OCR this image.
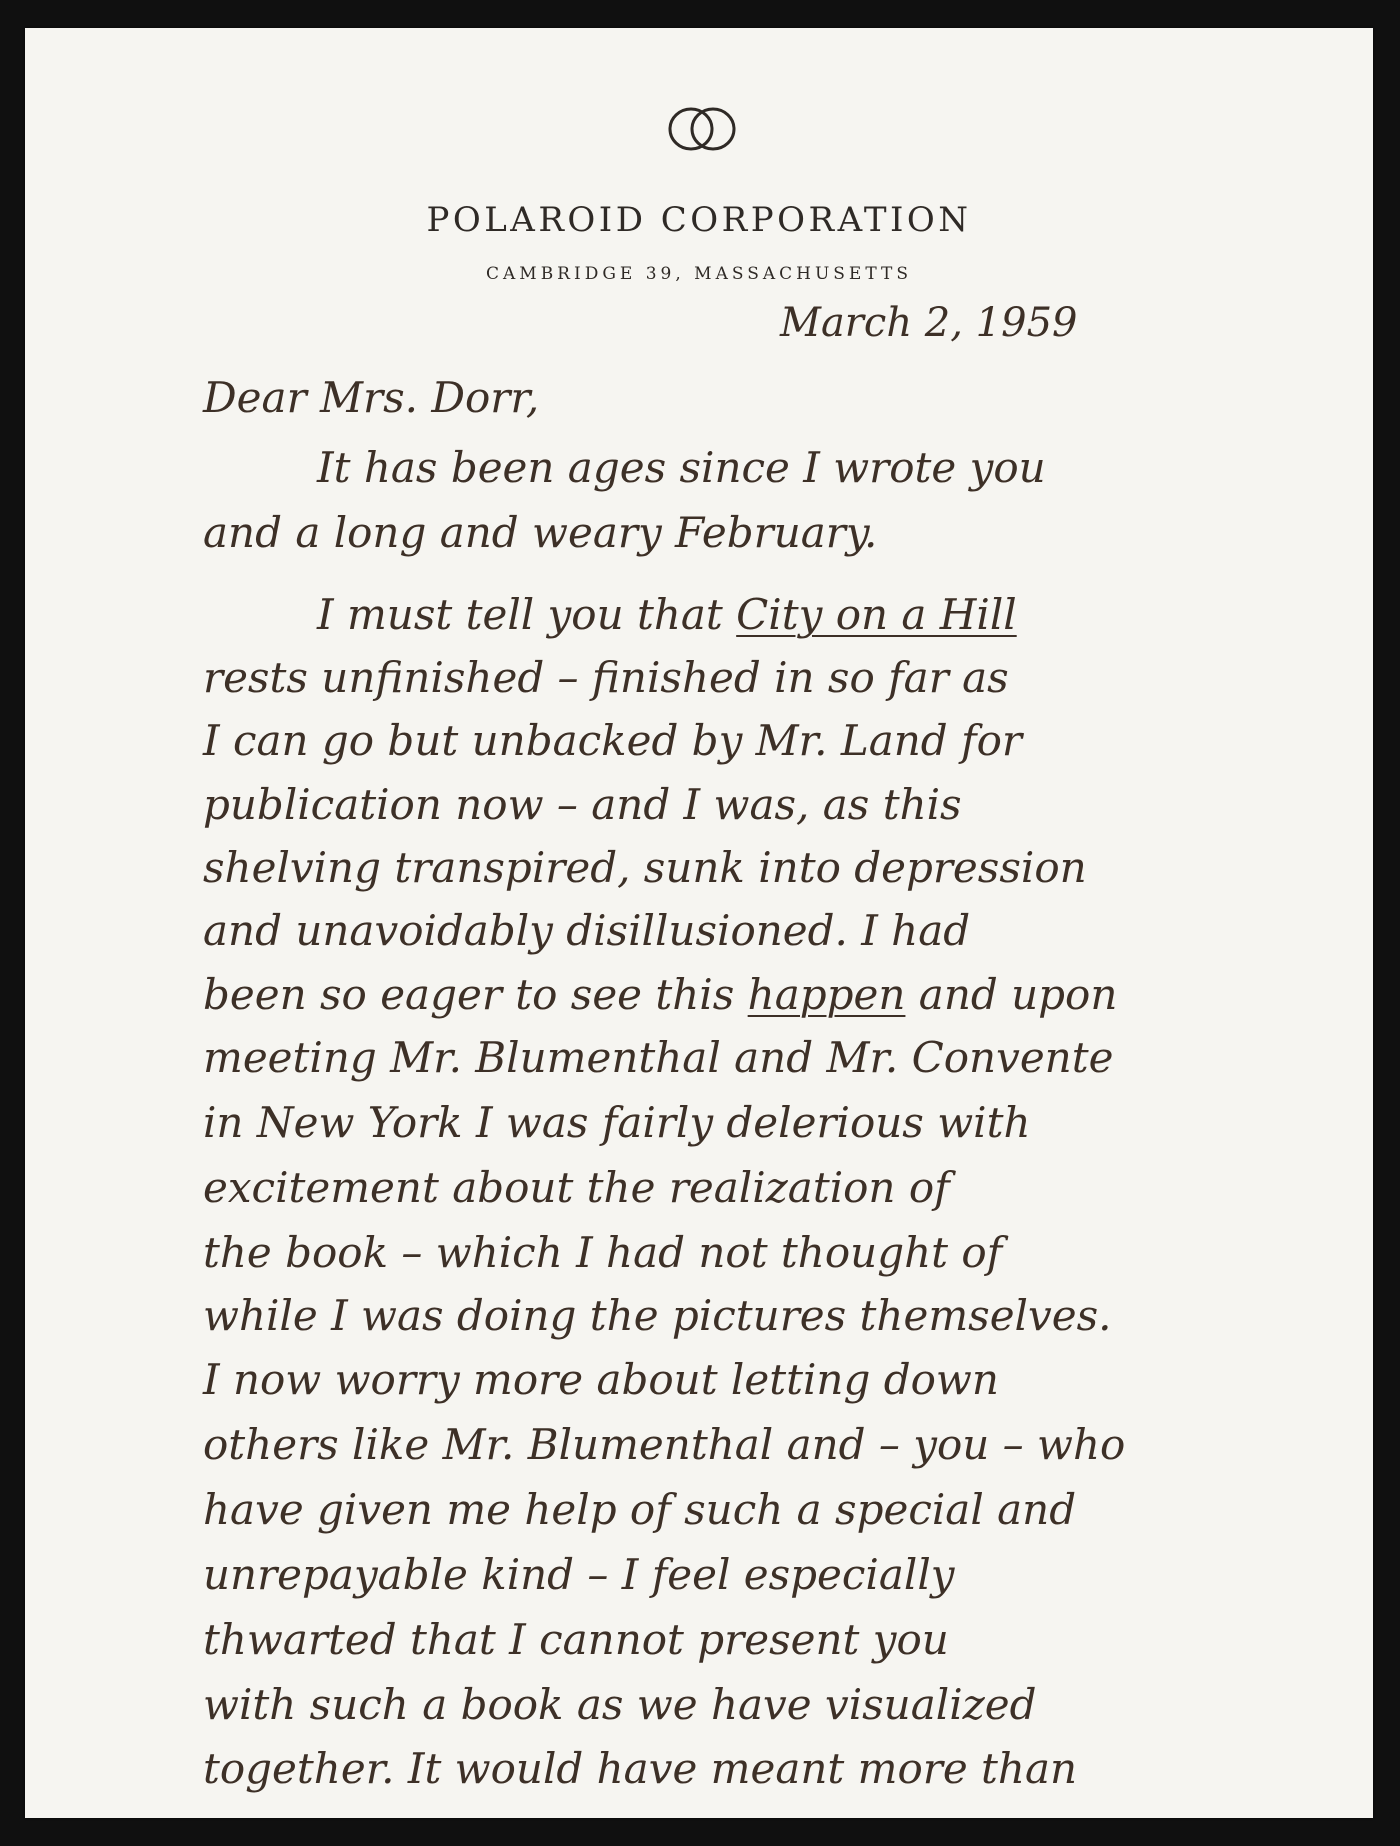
POLAROID CORPORATION
CAMBRIDGE 39, MASSACHUSETTS
March 2, 1959
Dear Mrs. Dorr,
It has been ages since I wrote you
and a long and weary February.
I must tell you that City on a Hill
rests unfinished – finished in so far as
I can go but unbacked by Mr. Land for
publication now – and I was, as this
shelving transpired, sunk into depression
and unavoidably disillusioned. I had
been so eager to see this happen and upon
meeting Mr. Blumenthal and Mr. Convente
in New York I was fairly delerious with
excitement about the realization of
the book – which I had not thought of
while I was doing the pictures themselves.
I now worry more about letting down
others like Mr. Blumenthal and – you – who
have given me help of such a special and
unrepayable kind – I feel especially
thwarted that I cannot present you
with such a book as we have visualized
together. It would have meant more than
